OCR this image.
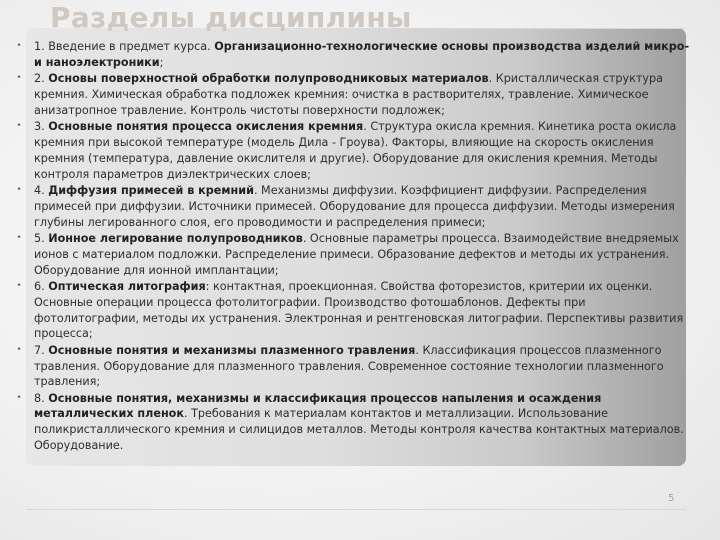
Разделы дисциплины
• 1. Введение в предмет курса. Организационно-технологические основы производства изделий микро- и наноэлектроники;
• 2. Основы поверхностной обработки полупроводниковых материалов. Кристаллическая структура кремния. Химическая обработка подложек кремния: очистка в растворителях, травление. Химическое анизатропное травление. Контроль чистоты поверхности подложек;
• 3. Основные понятия процесса окисления кремния. Структура окисла кремния. Кинетика роста окисла кремния при высокой температуре (модель Дила - Гроува). Факторы, влияющие на скорость окисления кремния (температура, давление окислителя и другие). Оборудование для окисления кремния. Методы контроля параметров диэлектрических слоев;
• 4. Диффузия примесей в кремний. Механизмы диффузии. Коэффициент диффузии. Распределения примесей при диффузии. Источники примесей. Оборудование для процесса диффузии. Методы измерения глубины легированного слоя, его проводимости и распределения примеси;
• 5. Ионное легирование полупроводников. Основные параметры процесса. Взаимодействие внедряемых ионов с материалом подложки. Распределение примеси. Образование дефектов и методы их устранения. Оборудование для ионной имплантации;
• 6. Оптическая литография: контактная, проекционная. Свойства фоторезистов, критерии их оценки. Основные операции процесса фотолитографии. Производство фотошаблонов. Дефекты при фотолитографии, методы их устранения. Электронная и рентгеновская литографии. Перспективы развития процесса;
• 7. Основные понятия и механизмы плазменного травления. Классификация процессов плазменного травления. Оборудование для плазменного травления. Современное состояние технологии плазменного травления;
• 8. Основные понятия, механизмы и классификация процессов напыления и осаждения металлических пленок. Требования к материалам контактов и металлизации. Использование поликристаллического кремния и силицидов металлов. Методы контроля качества контактных материалов. Оборудование.
5
